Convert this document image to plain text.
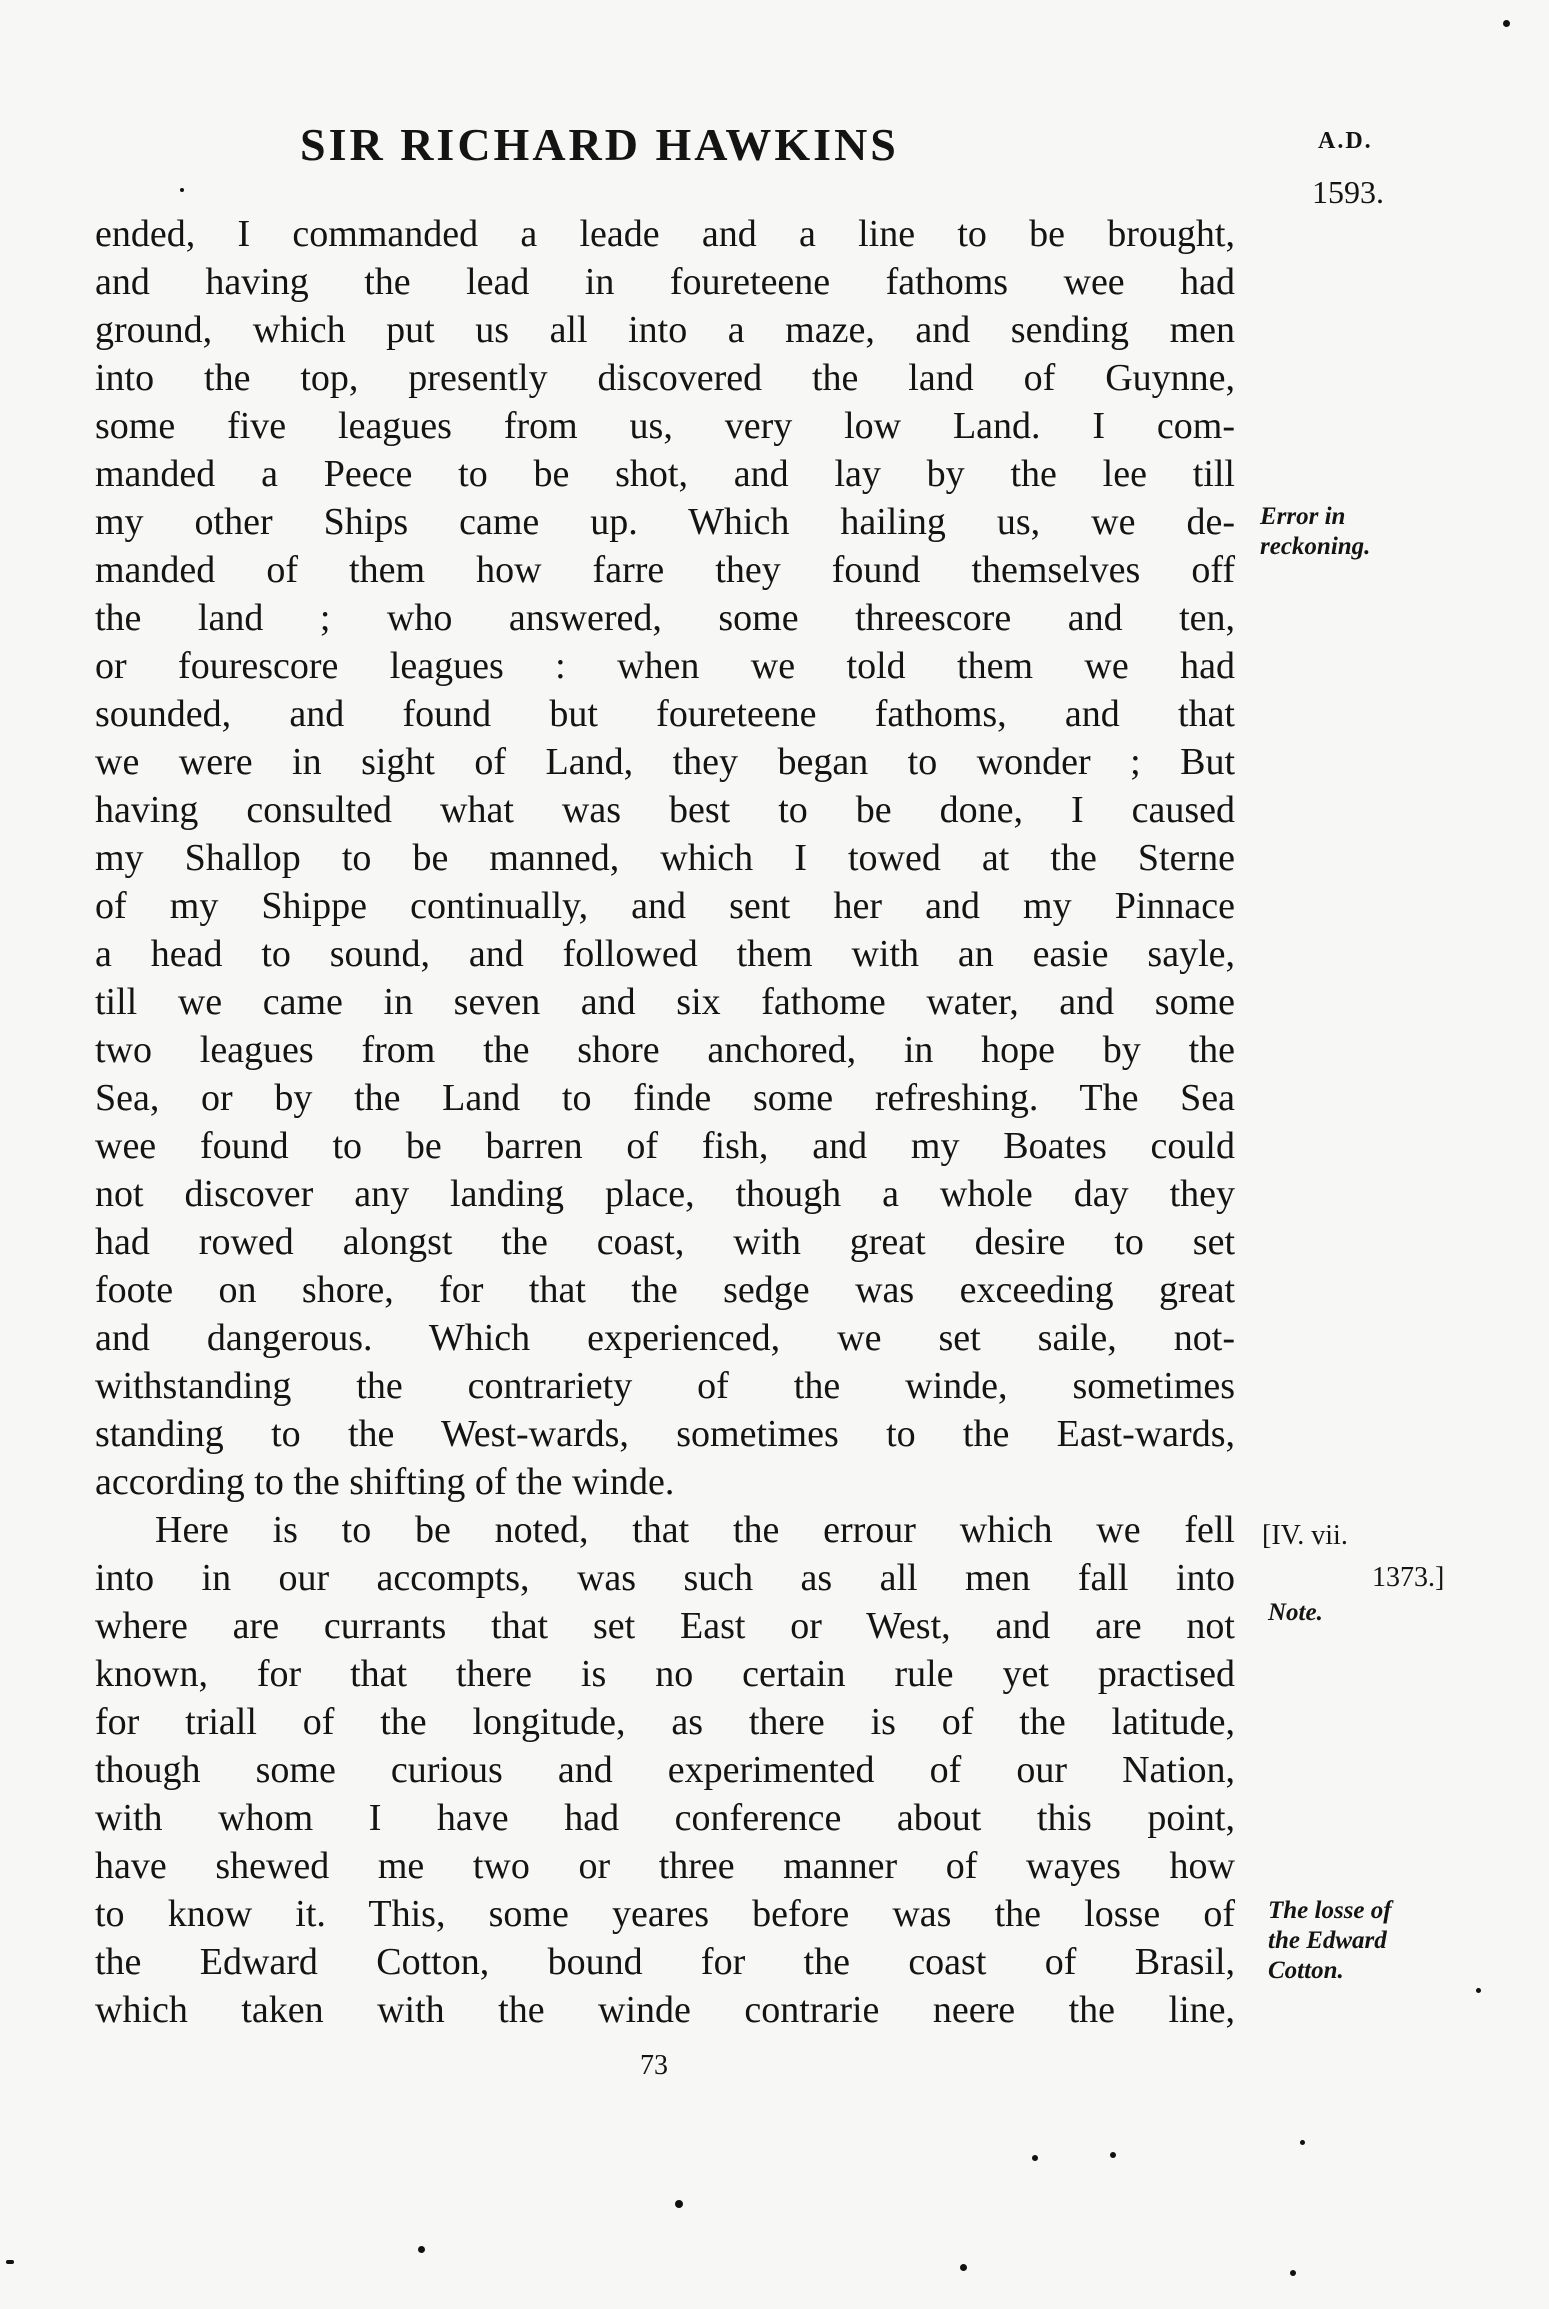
SIR RICHARD HAWKINS	A.D.
1593.
ended, I commanded a leade and a line to be brought,
and having the lead in foureteene fathoms wee had
ground, which put us all into a maze, and sending men
into the top, presently discovered the land of Guynne,
some five leagues from us, very low Land. I com-
manded a Peece to be shot, and lay by the lee till
my other Ships came up. Which hailing us, we de-
manded of them how farre they found themselves off
the land ; who answered, some threescore and ten,
or fourescore leagues : when we told them we had
sounded, and found but foureteene fathoms, and that
we were in sight of Land, they began to wonder ; But
having consulted what was best to be done, I caused
my Shallop to be manned, which I towed at the Sterne
of my Shippe continually, and sent her and my Pinnace
a head to sound, and followed them with an easie sayle,
till we came in seven and six fathome water, and some
two leagues from the shore anchored, in hope by the
Sea, or by the Land to finde some refreshing. The Sea
wee found to be barren of fish, and my Boates could
not discover any landing place, though a whole day they
had rowed alongst the coast, with great desire to set
foote on shore, for that the sedge was exceeding great
and dangerous. Which experienced, we set saile, not-
withstanding the contrariety of the winde, sometimes
standing to the West-wards, sometimes to the East-wards,
according to the shifting of the winde.
Here is to be noted, that the errour which we fell
into in our accompts, was such as all men fall into
where are currants that set East or West, and are not
known, for that there is no certain rule yet practised
for triall of the longitude, as there is of the latitude,
though some curious and experimented of our Nation,
with whom I have had conference about this point,
have shewed me two or three manner of wayes how
to know it. This, some yeares before was the losse of
the Edward Cotton, bound for the coast of Brasil,
which taken with the winde contrarie neere the line,
Error in
reckoning.
[IV. vii.
1373.]
Note.
The losse of
the Edward
Cotton.
73
